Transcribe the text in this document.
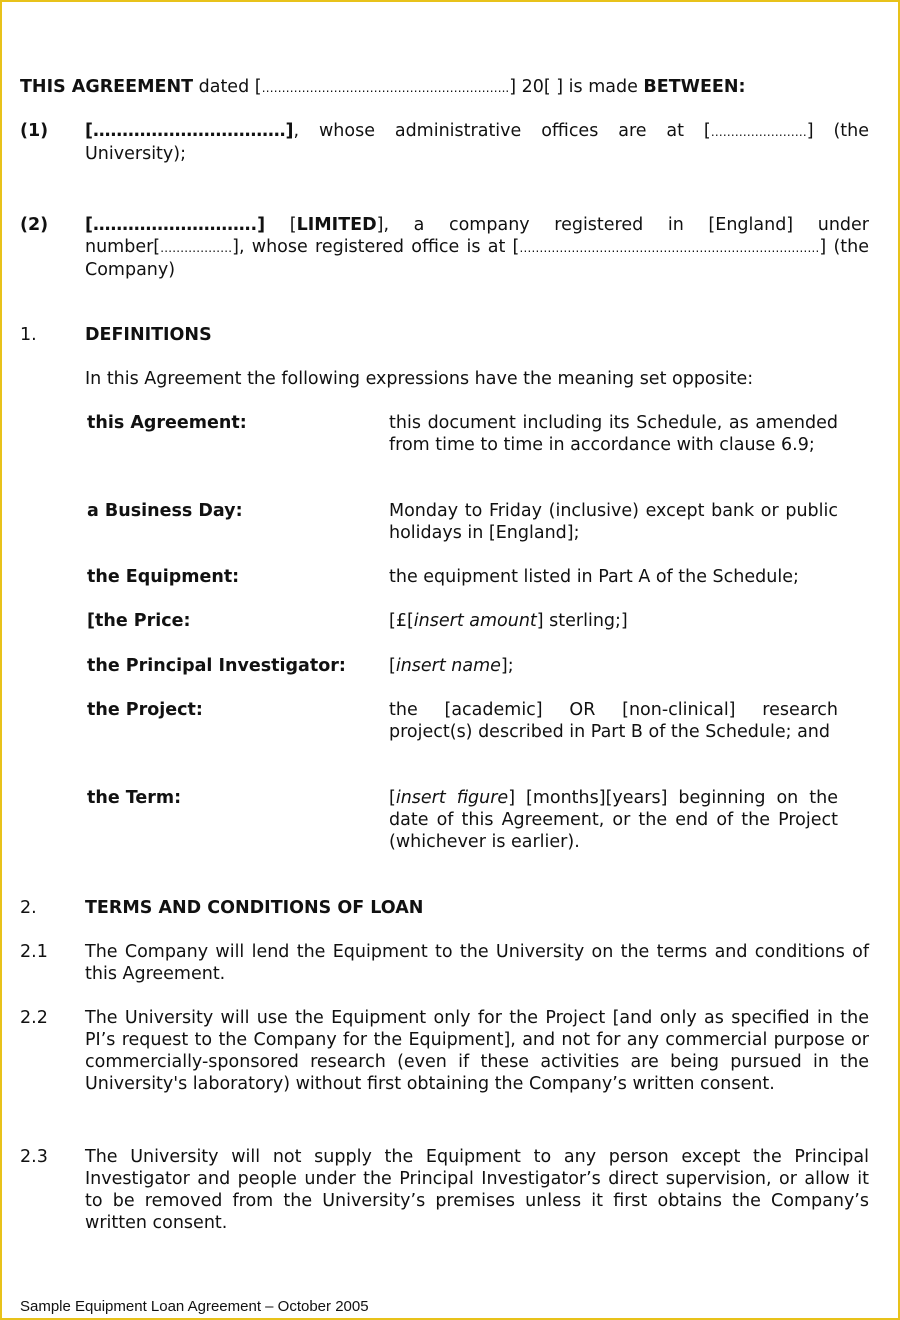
THIS AGREEMENT dated [……………………………………………………..] 20[ ] is made BETWEEN:
(1) [……………………………], whose administrative offices are at [……………………] (the University);
(2) [……………………….] [LIMITED], a company registered in [England] under number[………………], whose registered office is at […………………………………………………………………] (the Company)
1.	DEFINITIONS
In this Agreement the following expressions have the meaning set opposite:
this Agreement:	this document including its Schedule, as amended from time to time in accordance with clause 6.9;
a Business Day:	Monday to Friday (inclusive) except bank or public holidays in [England];
the Equipment:	the equipment listed in Part A of the Schedule;
[the Price:	[£[insert amount] sterling;]
the Principal Investigator: [insert name];
the Project:	the [academic] OR [non-clinical] research project(s) described in Part B of the Schedule; and
the Term:	[insert figure] [months][years] beginning on the date of this Agreement, or the end of the Project (whichever is earlier).
2.	TERMS AND CONDITIONS OF LOAN
2.1 The Company will lend the Equipment to the University on the terms and conditions of this Agreement.
2.2 The University will use the Equipment only for the Project [and only as specified in the PI’s request to the Company for the Equipment], and not for any commercial purpose or commercially-sponsored research (even if these activities are being pursued in the University's laboratory) without first obtaining the Company’s written consent.
2.3 The University will not supply the Equipment to any person except the Principal Investigator and people under the Principal Investigator’s direct supervision, or allow it to be removed from the University’s premises unless it first obtains the Company’s written consent.
Sample Equipment Loan Agreement – October 2005
